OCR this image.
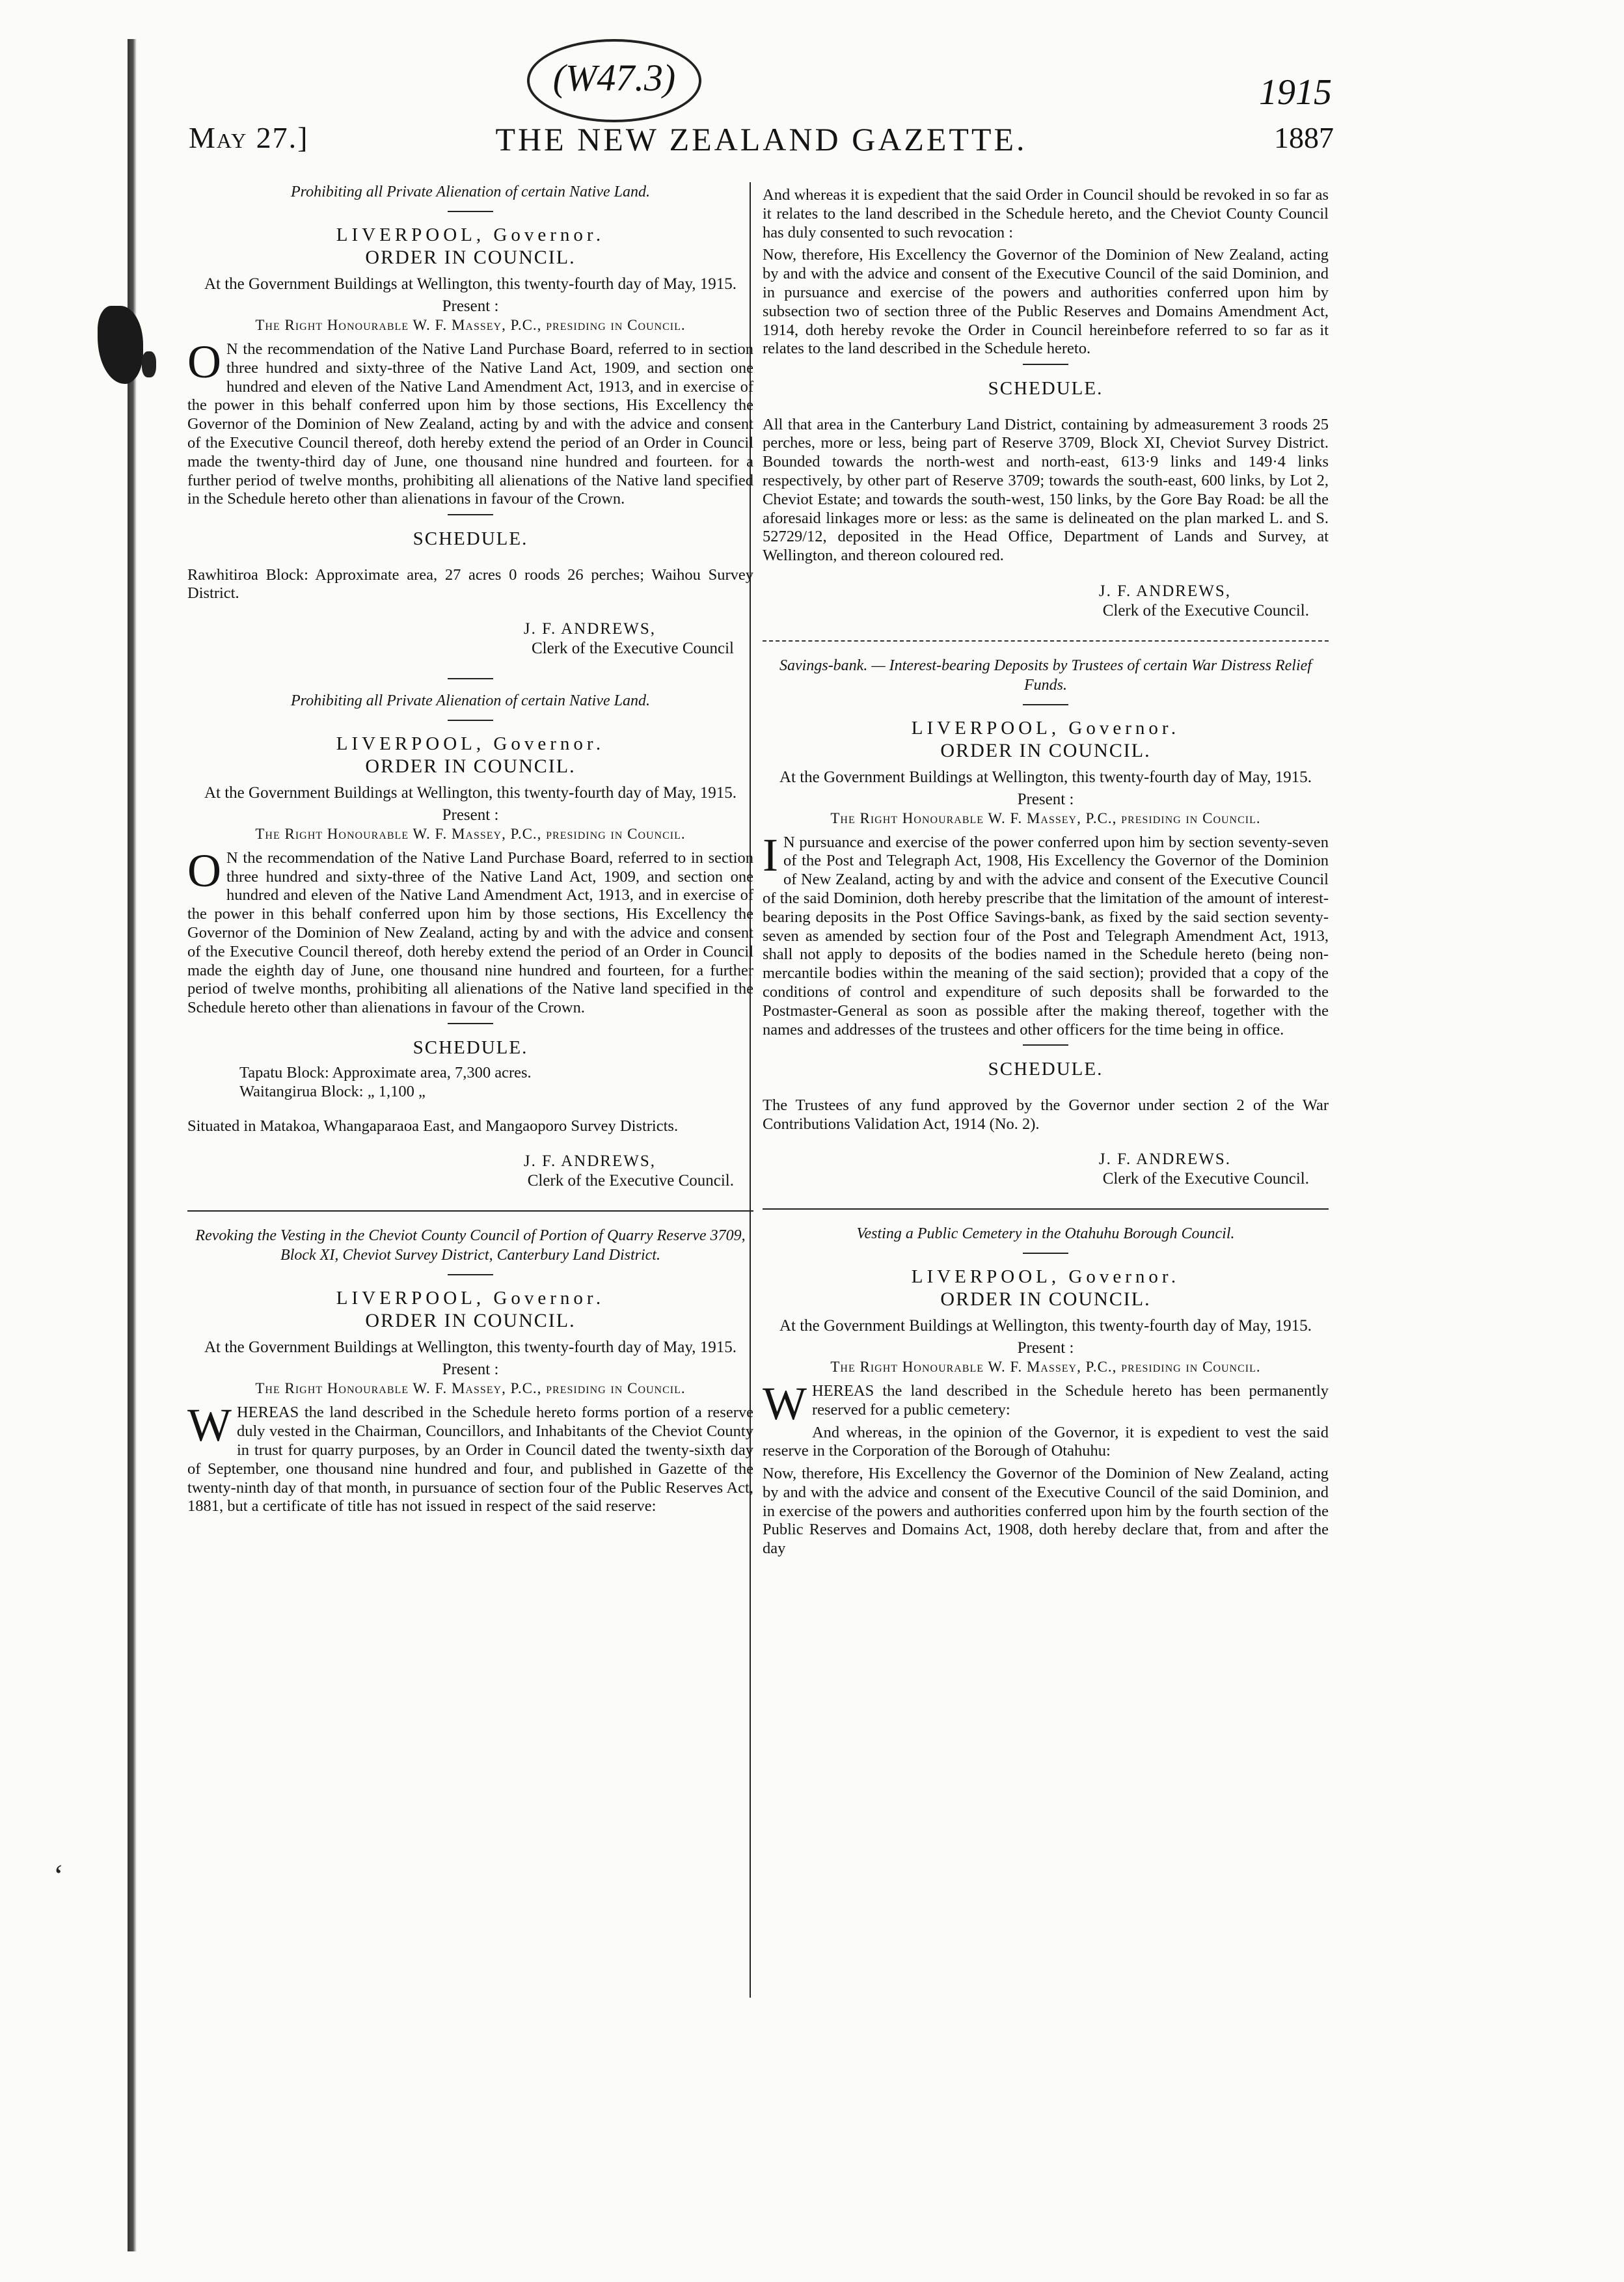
ʻ
(W47.3)	1915
May 27.]	THE NEW ZEALAND GAZETTE.	1887
Prohibiting all Private Alienation of certain Native Land.
LIVERPOOL, Governor.
ORDER IN COUNCIL.
At the Government Buildings at Wellington, this twenty-fourth day of May, 1915.
Present :
The Right Honourable W. F. Massey, P.C., presiding in Council.

O N the recommendation of the Native Land Purchase Board, referred to in section three hundred and sixty-three of the Native Land Act, 1909, and section one hundred and eleven of the Native Land Amendment Act, 1913, and in exercise of the power in this behalf conferred upon him by those sections, His Excellency the Governor of the Dominion of New Zealand, acting by and with the advice and consent of the Executive Council thereof, doth hereby extend the period of an Order in Council made the twenty-third day of June, one thousand nine hundred and fourteen. for a further period of twelve months, prohibiting all alienations of the Native land specified in the Schedule hereto other than alienations in favour of the Crown.

SCHEDULE.

Rawhitiroa Block: Approximate area, 27 acres 0 roods 26 perches; Waihou Survey District.

J. F. ANDREWS,
Clerk of the Executive Council
Prohibiting all Private Alienation of certain Native Land.
LIVERPOOL, Governor.
ORDER IN COUNCIL.
At the Government Buildings at Wellington, this twenty-fourth day of May, 1915.
Present :
The Right Honourable W. F. Massey, P.C., presiding in Council.

O N the recommendation of the Native Land Purchase Board, referred to in section three hundred and sixty-three of the Native Land Act, 1909, and section one hundred and eleven of the Native Land Amendment Act, 1913, and in exercise of the power in this behalf conferred upon him by those sections, His Excellency the Governor of the Dominion of New Zealand, acting by and with the advice and consent of the Executive Council thereof, doth hereby extend the period of an Order in Council made the eighth day of June, one thousand nine hundred and fourteen, for a further period of twelve months, prohibiting all alienations of the Native land specified in the Schedule hereto other than alienations in favour of the Crown.

SCHEDULE.
Tapatu Block: Approximate area, 7,300 acres.
Waitangirua Block: „ 1,100 „

Situated in Matakoa, Whangaparaoa East, and Mangaoporo Survey Districts.

J. F. ANDREWS,
Clerk of the Executive Council.
Revoking the Vesting in the Cheviot County Council of Portion of Quarry Reserve 3709, Block XI, Cheviot Survey District, Canterbury Land District.
LIVERPOOL, Governor.
ORDER IN COUNCIL.
At the Government Buildings at Wellington, this twenty-fourth day of May, 1915.
Present :
The Right Honourable W. F. Massey, P.C., presiding in Council.

WHEREAS the land described in the Schedule hereto forms portion of a reserve duly vested in the Chairman, Councillors, and Inhabitants of the Cheviot County in trust for quarry purposes, by an Order in Council dated the twenty-sixth day of September, one thousand nine hundred and four, and published in Gazette of the twenty-ninth day of that month, in pursuance of section four of the Public Reserves Act, 1881, but a certificate of title has not issued in respect of the said reserve:

And whereas it is expedient that the said Order in Council should be revoked in so far as it relates to the land described in the Schedule hereto, and the Cheviot County Council has duly consented to such revocation :

Now, therefore, His Excellency the Governor of the Dominion of New Zealand, acting by and with the advice and consent of the Executive Council of the said Dominion, and in pursuance and exercise of the powers and authorities conferred upon him by subsection two of section three of the Public Reserves and Domains Amendment Act, 1914, doth hereby revoke the Order in Council hereinbefore referred to so far as it relates to the land described in the Schedule hereto.

SCHEDULE.

All that area in the Canterbury Land District, containing by admeasurement 3 roods 25 perches, more or less, being part of Reserve 3709, Block XI, Cheviot Survey District. Bounded towards the north-west and north-east, 613·9 links and 149·4 links respectively, by other part of Reserve 3709; towards the south-east, 600 links, by Lot 2, Cheviot Estate; and towards the south-west, 150 links, by the Gore Bay Road: be all the aforesaid linkages more or less: as the same is delineated on the plan marked L. and S. 52729/12, deposited in the Head Office, Department of Lands and Survey, at Wellington, and thereon coloured red.

J. F. ANDREWS,
Clerk of the Executive Council.
Savings-bank. — Interest-bearing Deposits by Trustees of certain War Distress Relief Funds.
LIVERPOOL, Governor.
ORDER IN COUNCIL.
At the Government Buildings at Wellington, this twenty-fourth day of May, 1915.
Present :
The Right Honourable W. F. Massey, P.C., presiding in Council.

I N pursuance and exercise of the power conferred upon him by section seventy-seven of the Post and Telegraph Act, 1908, His Excellency the Governor of the Dominion of New Zealand, acting by and with the advice and consent of the Executive Council of the said Dominion, doth hereby prescribe that the limitation of the amount of interest-bearing deposits in the Post Office Savings-bank, as fixed by the said section seventy-seven as amended by section four of the Post and Telegraph Amendment Act, 1913, shall not apply to deposits of the bodies named in the Schedule hereto (being non-mercantile bodies within the meaning of the said section); provided that a copy of the conditions of control and expenditure of such deposits shall be forwarded to the Postmaster-General as soon as possible after the making thereof, together with the names and addresses of the trustees and other officers for the time being in office.

SCHEDULE.

The Trustees of any fund approved by the Governor under section 2 of the War Contributions Validation Act, 1914 (No. 2).

J. F. ANDREWS.
Clerk of the Executive Council.
Vesting a Public Cemetery in the Otahuhu Borough Council.
LIVERPOOL, Governor.
ORDER IN COUNCIL.
At the Government Buildings at Wellington, this twenty-fourth day of May, 1915.
Present :
The Right Honourable W. F. Massey, P.C., presiding in Council.

WHEREAS the land described in the Schedule hereto has been permanently reserved for a public cemetery:

And whereas, in the opinion of the Governor, it is expedient to vest the said reserve in the Corporation of the Borough of Otahuhu:

Now, therefore, His Excellency the Governor of the Dominion of New Zealand, acting by and with the advice and consent of the Executive Council of the said Dominion, and in exercise of the powers and authorities conferred upon him by the fourth section of the Public Reserves and Domains Act, 1908, doth hereby declare that, from and after the day
